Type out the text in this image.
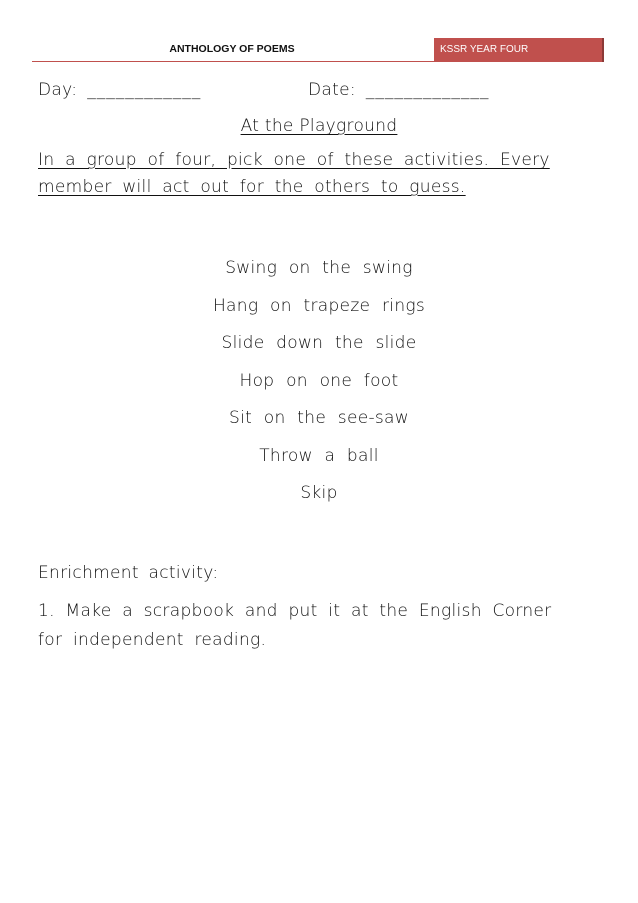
ANTHOLOGY OF POEMS	KSSR YEAR FOUR
Day: ____________	Date: _____________
At the Playground
In a group of four, pick one of these activities. Every member will act out for the others to guess.
Swing on the swing
Hang on trapeze rings
Slide down the slide
Hop on one foot
Sit on the see-saw
Throw a ball
Skip
Enrichment activity:
1. Make a scrapbook and put it at the English Corner for independent reading.
